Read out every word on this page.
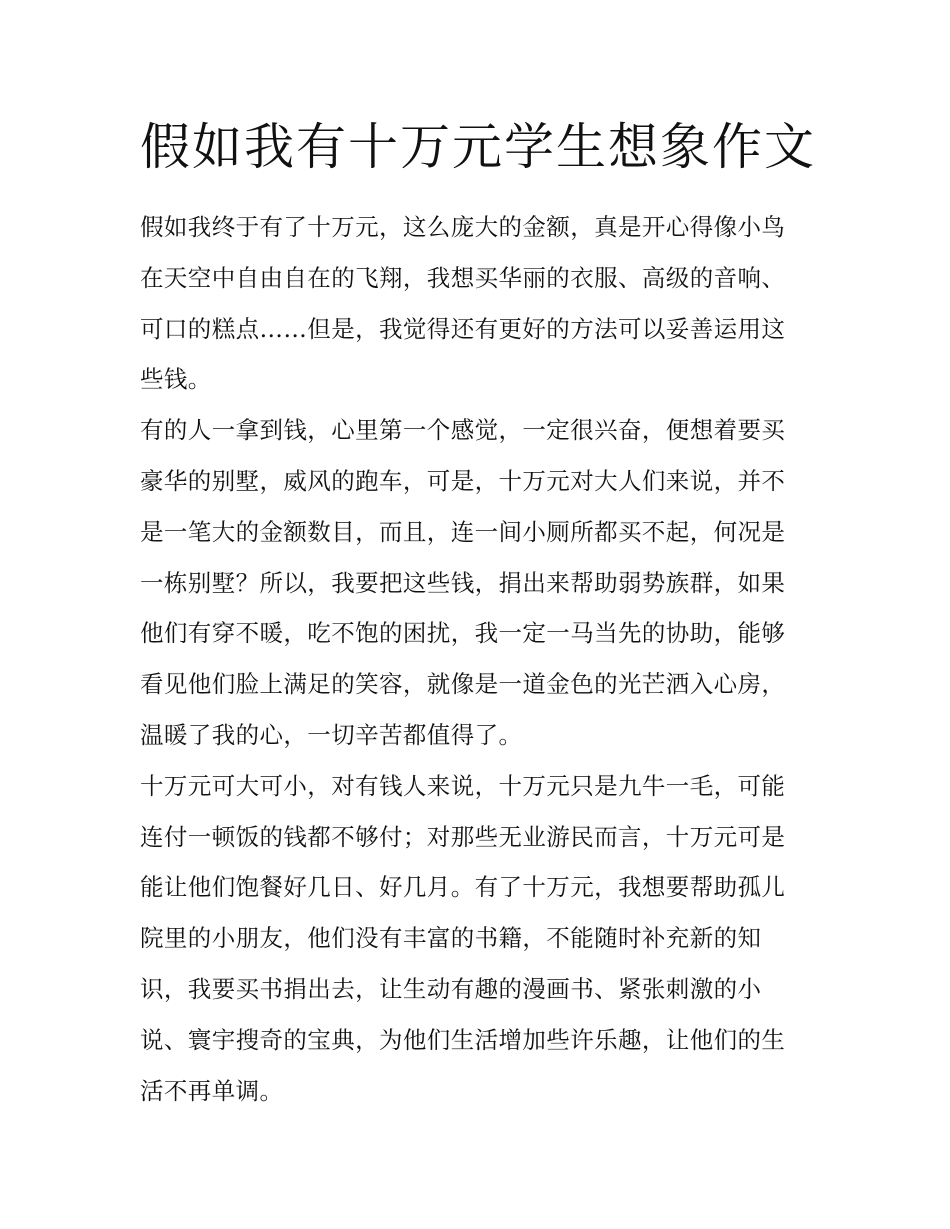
假如我有十万元学生想象作文
假如我终于有了十万元，这么庞大的金额，真是开心得像小鸟
在天空中自由自在的飞翔，我想买华丽的衣服、高级的音响、
可口的糕点……但是，我觉得还有更好的方法可以妥善运用这
些钱。
有的人一拿到钱，心里第一个感觉，一定很兴奋，便想着要买
豪华的别墅，威风的跑车，可是，十万元对大人们来说，并不
是一笔大的金额数目，而且，连一间小厕所都买不起，何况是
一栋别墅？所以，我要把这些钱，捐出来帮助弱势族群，如果
他们有穿不暖，吃不饱的困扰，我一定一马当先的协助，能够
看见他们脸上满足的笑容，就像是一道金色的光芒洒入心房，
温暖了我的心，一切辛苦都值得了。
十万元可大可小，对有钱人来说，十万元只是九牛一毛，可能
连付一顿饭的钱都不够付；对那些无业游民而言，十万元可是
能让他们饱餐好几日、好几月。有了十万元，我想要帮助孤儿
院里的小朋友，他们没有丰富的书籍，不能随时补充新的知
识，我要买书捐出去，让生动有趣的漫画书、紧张刺激的小
说、寰宇搜奇的宝典，为他们生活增加些许乐趣，让他们的生
活不再单调。
